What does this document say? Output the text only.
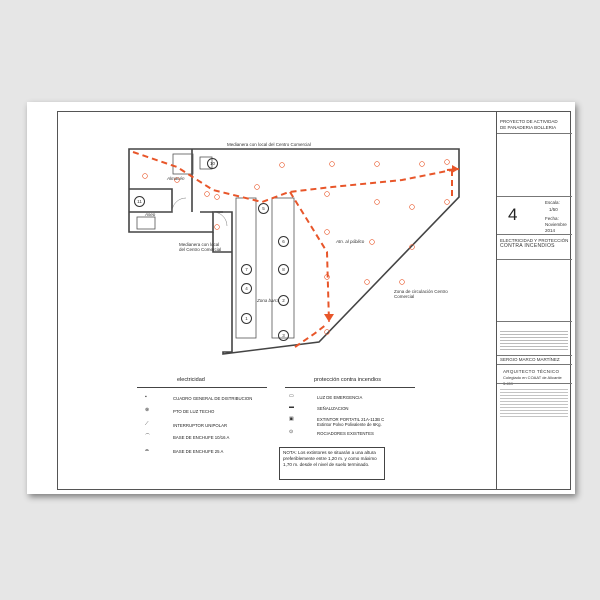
Medianera con local del Centro Comercial
Medianera con local del Centro Comercial
Almacén
Aseo
Zona barra
Atn. al público
Zona de circulación Centro Comercial
10
11
5
6
7
4
8
1
2
3
electricidad
▪	CUADRO GENERAL DE DISTRIBUCION
⊗	PTO DE LUZ TECHO
⟋	INTERRUPTOR UNIPOLAR
⌒	BASE DE ENCHUFE 10/16 A
⌓	BASE DE ENCHUFE 25 A
protección contra incendios
▭	LUZ DE EMERGENCIA
▬	SEÑALIZACION
▣	EXTINTOR PORTATIL 21A-113B C
Extintor Polvo Polivalente de 6Kg.
⊙	ROCIADORES EXISTENTES
NOTA: Los extintores se situarán a una altura preferiblemente entre 1,20 m. y como máximo 1,70 m. desde el nivel de suelo terminado.
PROYECTO DE ACTIVIDAD
DE PANADERIA BOLLERIA
Escala:
1/50
Fecha:
Noviembre 2014
ELECTRICIDAD Y PROTECCIÓN
CONTRA INCENDIOS
SERGIO MARCO MARTÍNEZ
ARQUITECTO TÉCNICO
Colegiado en COAAT de Alicante 3.459
4
